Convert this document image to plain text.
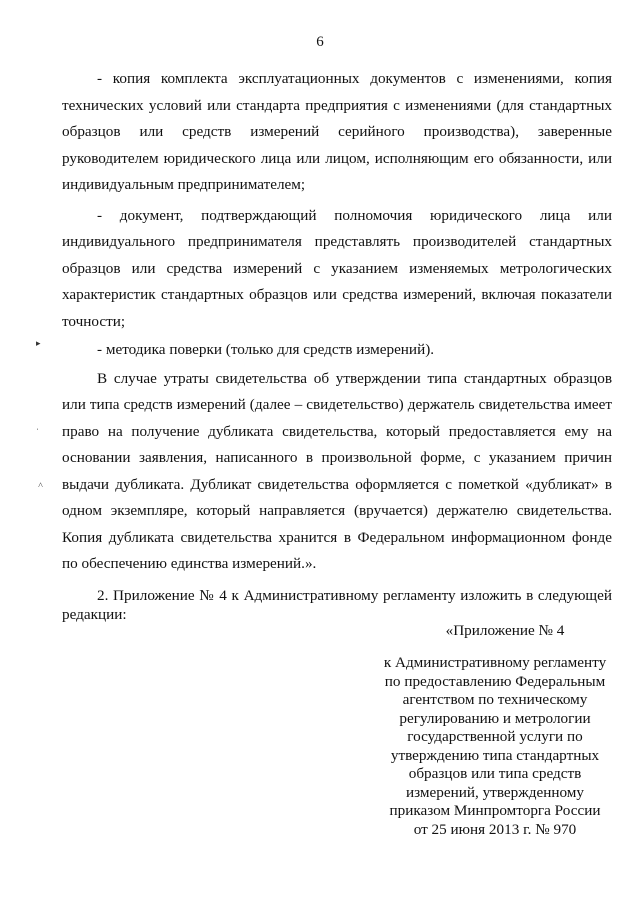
6

- копия комплекта эксплуатационных документов с изменениями, копия технических условий или стандарта предприятия с изменениями (для стандартных образцов или средств измерений серийного производства), заверенные руководителем юридического лица или лицом, исполняющим его обязанности, или индивидуальным предпринимателем;

- документ, подтверждающий полномочия юридического лица или индивидуального предпринимателя представлять производителей стандартных образцов или средства измерений с указанием изменяемых метрологических характеристик стандартных образцов или средства измерений, включая показатели точности;

- методика поверки (только для средств измерений).

В случае утраты свидетельства об утверждении типа стандартных образцов или типа средств измерений (далее – свидетельство) держатель свидетельства имеет право на получение дубликата свидетельства, который предоставляется ему на основании заявления, написанного в произвольной форме, с указанием причин выдачи дубликата. Дубликат свидетельства оформляется с пометкой «дубликат» в одном экземпляре, который направляется (вручается) держателю свидетельства. Копия дубликата свидетельства хранится в Федеральном информационном фонде по обеспечению единства измерений.».

2. Приложение № 4 к Административному регламенту изложить в следующей редакции:

«Приложение № 4
к Административному регламенту
по предоставлению Федеральным
агентством по техническому
регулированию и метрологии
государственной услуги по
утверждению типа стандартных
образцов или типа средств
измерений, утвержденному
приказом Минпромторга России
от 25 июня 2013 г. № 970
▸
ˌ
˄
